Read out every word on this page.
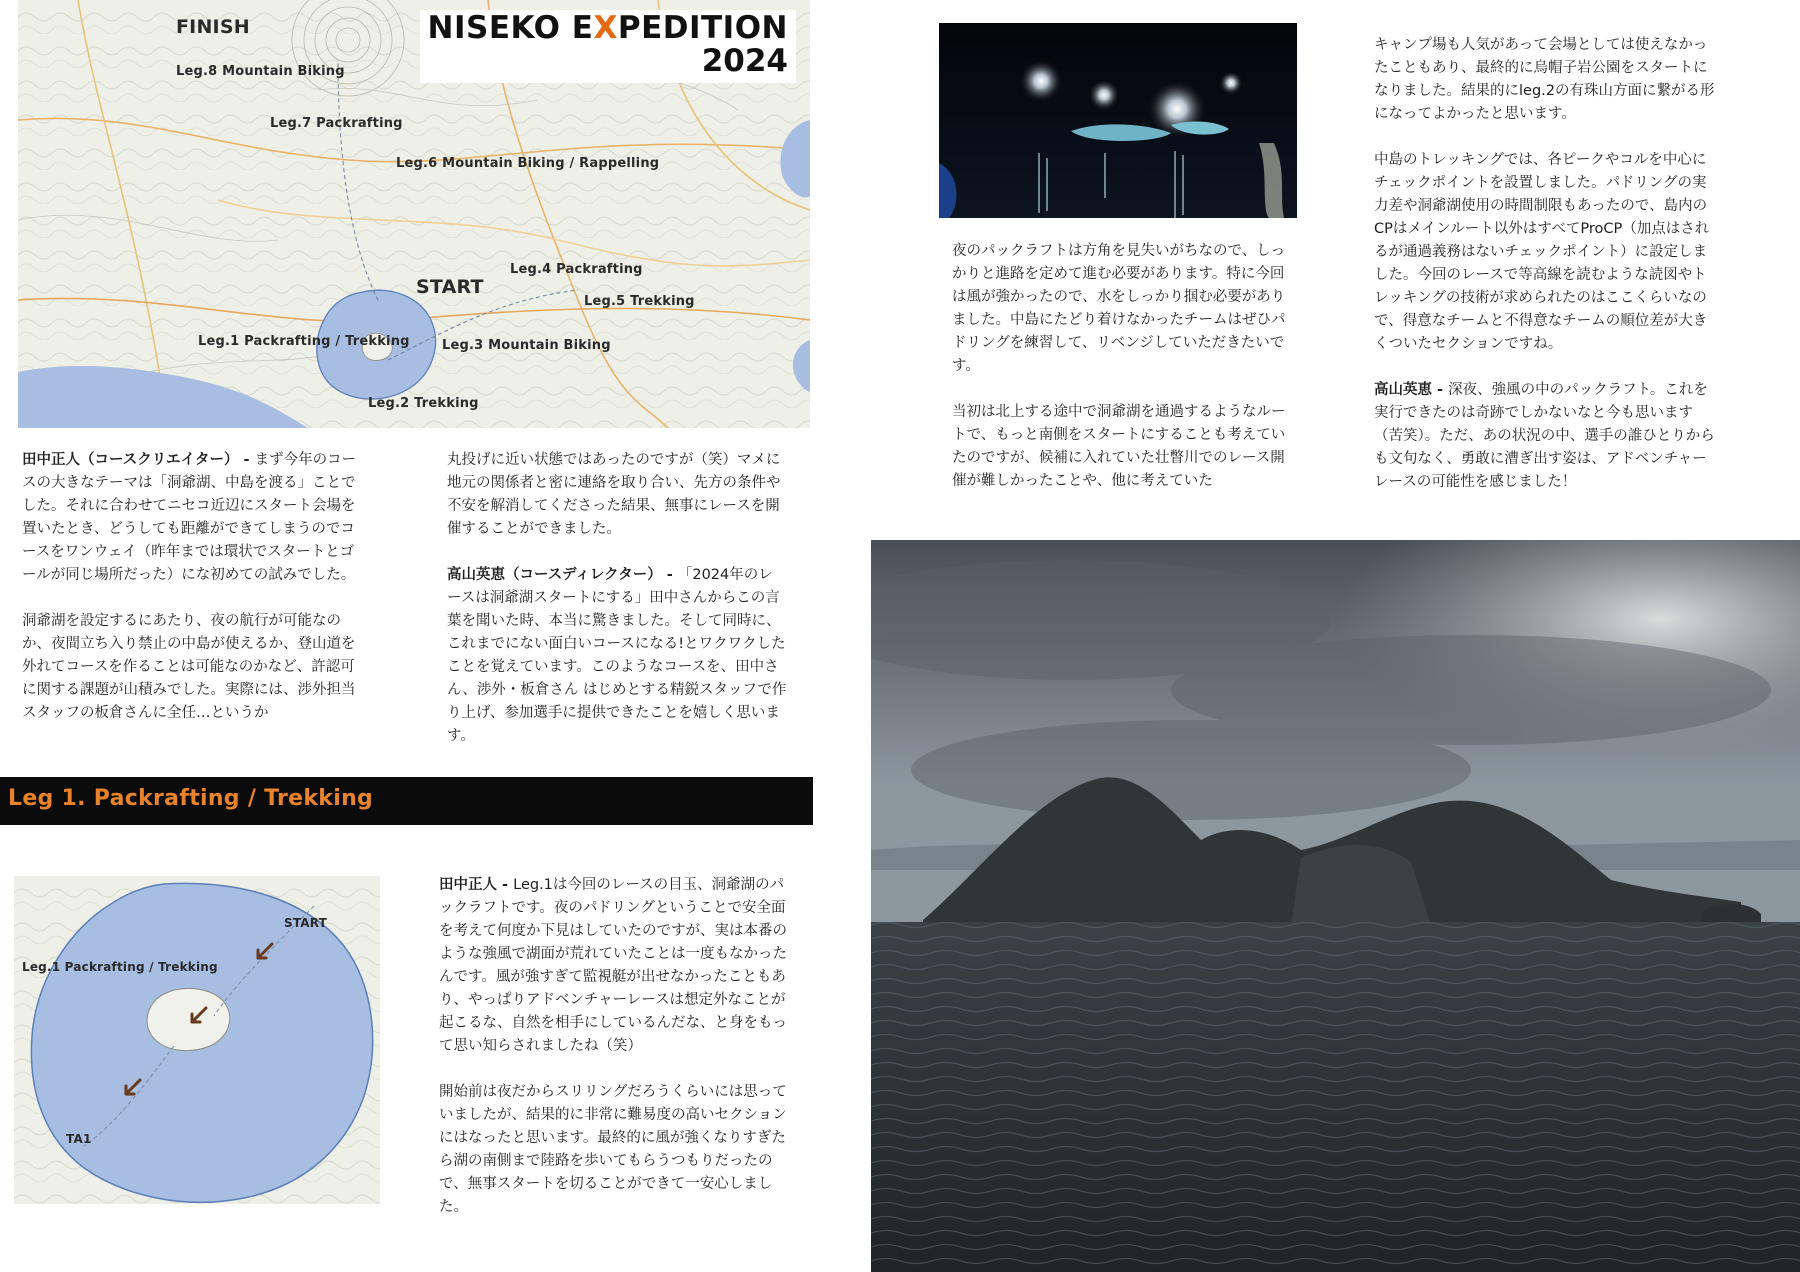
FINISH
Leg.8 Mountain Biking
Leg.7 Packrafting
Leg.6 Mountain Biking / Rappelling
Leg.4 Packrafting
Leg.5 Trekking
START
Leg.1 Packrafting / Trekking Leg.3 Mountain Biking
Leg.2 Trekking
NISEKO EXPEDITION
2024

田中正人（コースクリエイター） - まず今年のコースの大きなテーマは「洞爺湖、中島を渡る」ことでした。それに合わせてニセコ近辺にスタート会場を置いたとき、どうしても距離ができてしまうのでコースをワンウェイ（昨年までは環状でスタートとゴールが同じ場所だった）にな初めての試みでした。

洞爺湖を設定するにあたり、夜の航行が可能なのか、夜間立ち入り禁止の中島が使えるか、登山道を外れてコースを作ることは可能なのかなど、許認可に関する課題が山積みでした。実際には、渉外担当スタッフの板倉さんに全任…というか

丸投げに近い状態ではあったのですが（笑）マメに地元の関係者と密に連絡を取り合い、先方の条件や不安を解消してくださった結果、無事にレースを開催することができました。

高山英恵（コースディレクター） - 「2024年のレースは洞爺湖スタートにする」田中さんからこの言葉を聞いた時、本当に驚きました。そして同時に、これまでにない面白いコースになる!とワクワクしたことを覚えています。このようなコースを、田中さん、渉外・板倉さん はじめとする精鋭スタッフで作り上げ、参加選手に提供できたことを嬉しく思います。

Leg 1. Packrafting / Trekking
START
Leg.1 Packrafting / Trekking
TA1

田中正人 - Leg.1は今回のレースの目玉、洞爺湖のパックラフトです。夜のパドリングということで安全面を考えて何度か下見はしていたのですが、実は本番のような強風で湖面が荒れていたことは一度もなかったんです。風が強すぎて監視艇が出せなかったこともあり、やっぱりアドベンチャーレースは想定外なことが起こるな、自然を相手にしているんだな、と身をもって思い知らされましたね（笑）

開始前は夜だからスリリングだろうくらいには思っていましたが、結果的に非常に難易度の高いセクションにはなったと思います。最終的に風が強くなりすぎたら湖の南側まで陸路を歩いてもらうつもりだったので、無事スタートを切ることができて一安心しました。

夜のパックラフトは方角を見失いがちなので、しっかりと進路を定めて進む必要があります。特に今回は風が強かったので、水をしっかり掴む必要がありました。中島にたどり着けなかったチームはぜひパドリングを練習して、リベンジしていただきたいです。

当初は北上する途中で洞爺湖を通過するようなルートで、もっと南側をスタートにすることも考えていたのですが、候補に入れていた壮瞥川でのレース開催が難しかったことや、他に考えていた

キャンプ場も人気があって会場としては使えなかったこともあり、最終的に烏帽子岩公園をスタートになりました。結果的にleg.2の有珠山方面に繋がる形になってよかったと思います。

中島のトレッキングでは、各ピークやコルを中心にチェックポイントを設置しました。パドリングの実力差や洞爺湖使用の時間制限もあったので、島内のCPはメインルート以外はすべてProCP（加点はされるが通過義務はないチェックポイント）に設定しました。今回のレースで等高線を読むような読図やトレッキングの技術が求められたのはここくらいなので、得意なチームと不得意なチームの順位差が大きくついたセクションですね。

高山英恵 - 深夜、強風の中のパックラフト。これを実行できたのは奇跡でしかないなと今も思います（苦笑）。ただ、あの状況の中、選手の誰ひとりからも文句なく、勇敢に漕ぎ出す姿は、アドベンチャーレースの可能性を感じました！
